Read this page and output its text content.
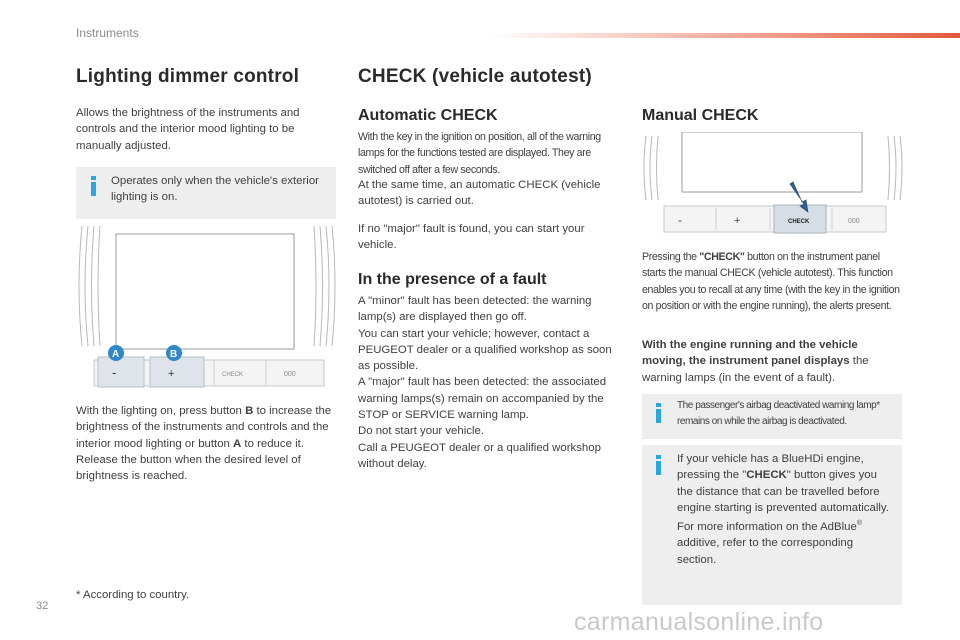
Instruments
Lighting dimmer control

Allows the brightness of the instruments and controls and the interior mood lighting to be manually adjusted.

Operates only when the vehicle's exterior lighting is on.

-	+	CHECK	000
A	B
With the lighting on, press button B to increase the brightness of the instruments and controls and the interior mood lighting or button A to reduce it.
Release the button when the desired level of brightness is reached.

* According to country.

CHECK (vehicle autotest)
Automatic CHECK

With the key in the ignition on position, all of the warning lamps for the functions tested are displayed. They are switched off after a few seconds.

At the same time, an automatic CHECK (vehicle autotest) is carried out.

If no "major" fault is found, you can start your vehicle.

In the presence of a fault
A "minor" fault has been detected: the warning lamp(s) are displayed then go off.
You can start your vehicle; however, contact a PEUGEOT dealer or a qualified workshop as soon as possible.
A "major" fault has been detected: the associated warning lamps(s) remain on accompanied by the STOP or SERVICE warning lamp.
Do not start your vehicle.
Call a PEUGEOT dealer or a qualified workshop without delay.
Manual CHECK
-	+	CHECK	000
Pressing the "CHECK" button on the instrument panel starts the manual CHECK (vehicle autotest). This function enables you to recall at any time (with the key in the ignition on position or with the engine running), the alerts present.
With the engine running and the vehicle moving, the instrument panel displays the warning lamps (in the event of a fault).

The passenger's airbag deactivated warning lamp* remains on while the airbag is deactivated.

If your vehicle has a BlueHDi engine, pressing the "CHECK" button gives you the distance that can be travelled before engine starting is prevented automatically.
For more information on the AdBlue® additive, refer to the corresponding section.
32
carmanualsonline.info
